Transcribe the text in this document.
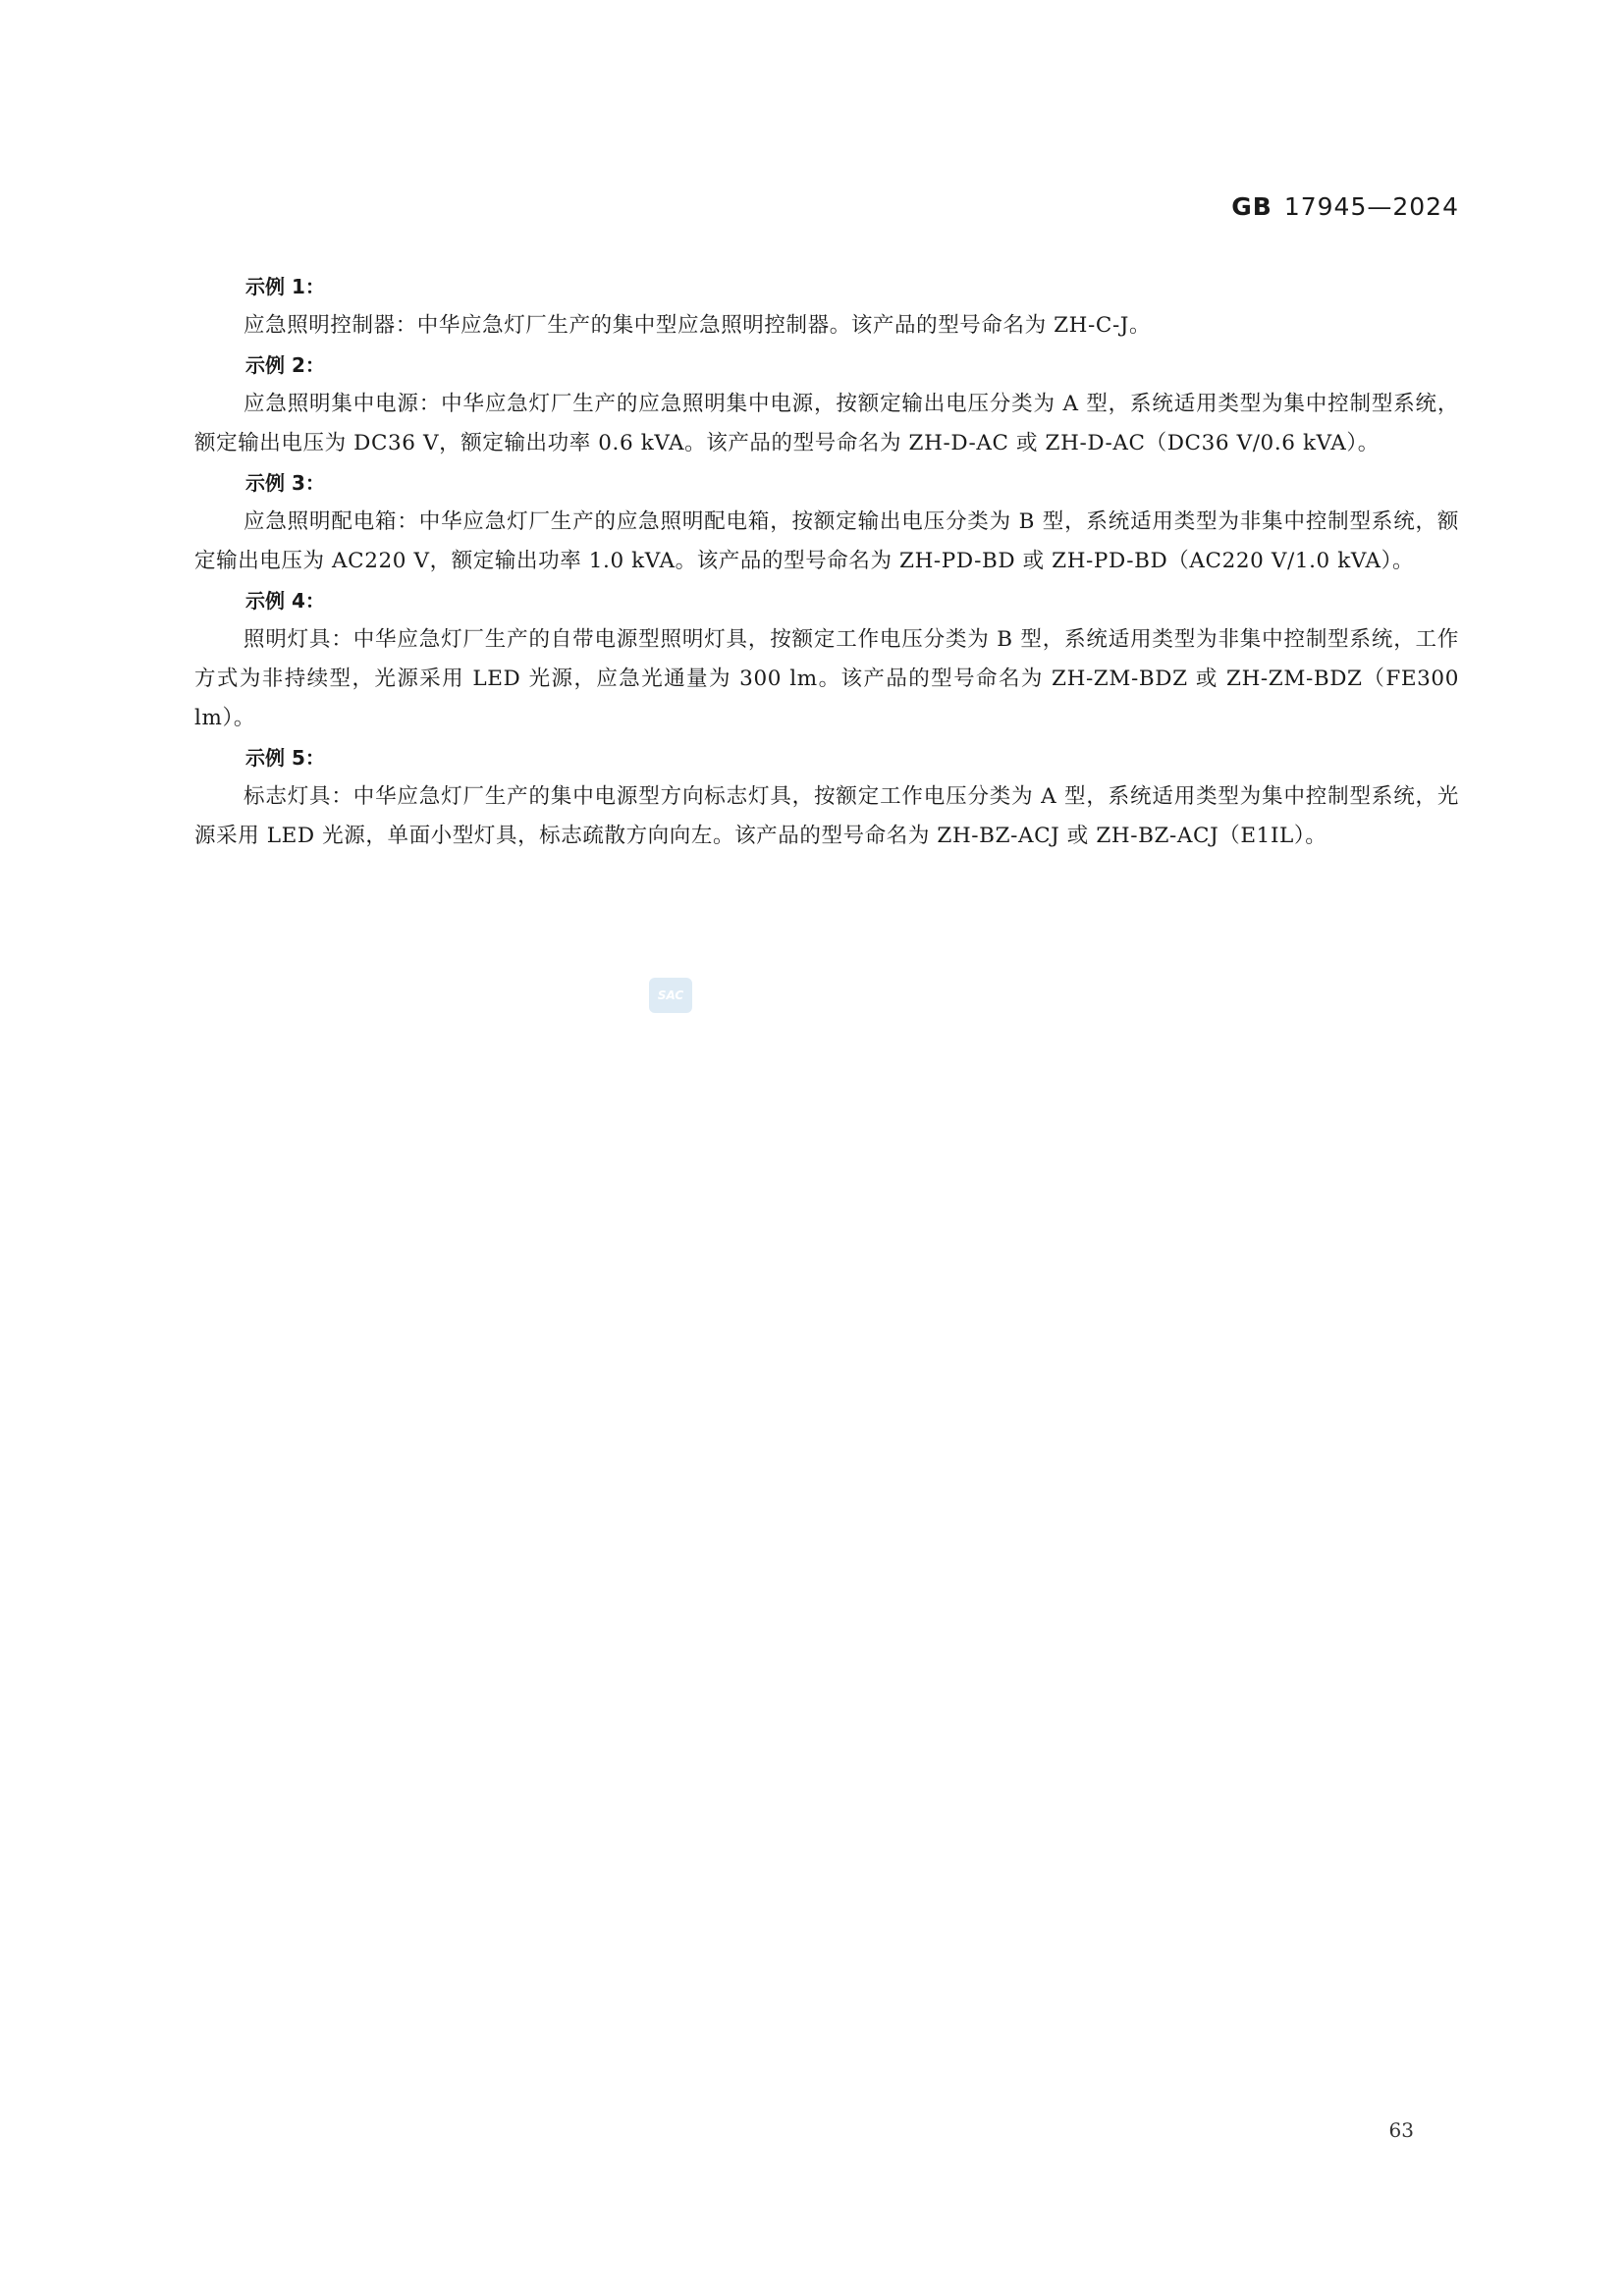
GB 17945—2024
示例 1：

应急照明控制器：中华应急灯厂生产的集中型应急照明控制器。该产品的型号命名为 ZH-C-J。

示例 2：

应急照明集中电源：中华应急灯厂生产的应急照明集中电源，按额定输出电压分类为 A 型，系统适用类型为集中控制型系统，额定输出电压为 DC36 V，额定输出功率 0.6 kVA。该产品的型号命名为 ZH-D-AC 或 ZH-D-AC（DC36 V/0.6 kVA）。

示例 3：

应急照明配电箱：中华应急灯厂生产的应急照明配电箱，按额定输出电压分类为 B 型，系统适用类型为非集中控制型系统，额定输出电压为 AC220 V，额定输出功率 1.0 kVA。该产品的型号命名为 ZH-PD-BD 或 ZH-PD-BD（AC220 V/1.0 kVA）。

示例 4：

照明灯具：中华应急灯厂生产的自带电源型照明灯具，按额定工作电压分类为 B 型，系统适用类型为非集中控制型系统，工作方式为非持续型，光源采用 LED 光源，应急光通量为 300 lm。该产品的型号命名为 ZH-ZM-BDZ 或 ZH-ZM-BDZ（FE300 lm）。

示例 5：

标志灯具：中华应急灯厂生产的集中电源型方向标志灯具，按额定工作电压分类为 A 型，系统适用类型为集中控制型系统，光源采用 LED 光源，单面小型灯具，标志疏散方向向左。该产品的型号命名为 ZH-BZ-ACJ 或 ZH-BZ-ACJ（E1ⅠL）。

SAC
63
